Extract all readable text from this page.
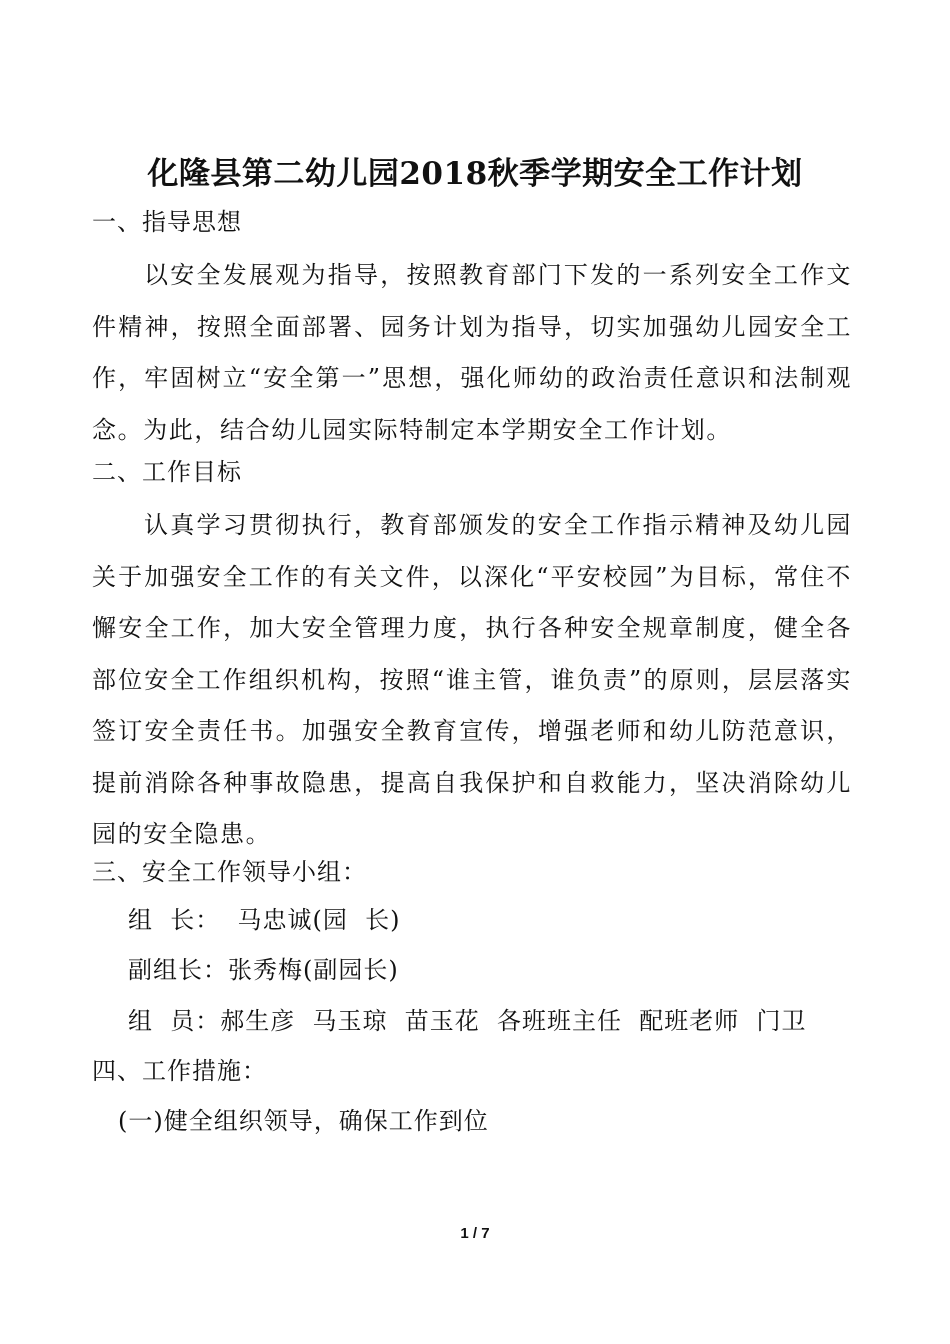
化隆县第二幼儿园2018秋季学期安全工作计划
一、指导思想
以安全发展观为指导，按照教育部门下发的一系列安全工作文件精神，按照全面部署、园务计划为指导，切实加强幼儿园安全工作，牢固树立“安全第一”思想，强化师幼的政治责任意识和法制观念。为此，结合幼儿园实际特制定本学期安全工作计划。
二、工作目标
认真学习贯彻执行，教育部颁发的安全工作指示精神及幼儿园关于加强安全工作的有关文件，以深化“平安校园”为目标，常住不懈安全工作，加大安全管理力度，执行各种安全规章制度，健全各部位安全工作组织机构，按照“谁主管，谁负责”的原则，层层落实签订安全责任书。加强安全教育宣传，增强老师和幼儿防范意识，提前消除各种事故隐患，提高自我保护和自救能力，坚决消除幼儿园的安全隐患。
三、安全工作领导小组：
组  长：  马忠诚(园  长)
副组长：张秀梅(副园长)
组  员：郝生彦  马玉琼  苗玉花  各班班主任  配班老师  门卫
四、工作措施：
(一)健全组织领导，确保工作到位
1 / 7
